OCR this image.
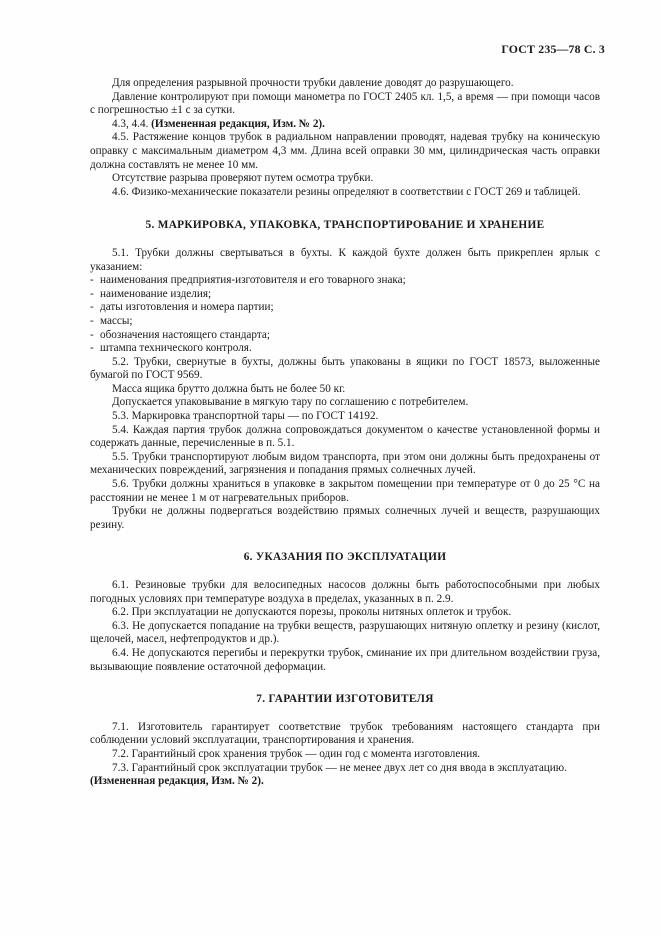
ГОСТ 235—78 С. 3

Для определения разрывной прочности трубки давление доводят до разрушающего.

Давление контролируют при помощи манометра по ГОСТ 2405 кл. 1,5, а время — при помощи часов с погрешностью ±1 с за сутки.

4.3, 4.4. (Измененная редакция, Изм. № 2).

4.5. Растяжение концов трубок в радиальном направлении проводят, надевая трубку на коническую оправку с максимальным диаметром 4,3 мм. Длина всей оправки 30 мм, цилиндрическая часть оправки должна составлять не менее 10 мм.

Отсутствие разрыва проверяют путем осмотра трубки.

4.6. Физико-механические показатели резины определяют в соответствии с ГОСТ 269 и таблицей.

5. МАРКИРОВКА, УПАКОВКА, ТРАНСПОРТИРОВАНИЕ И ХРАНЕНИЕ

5.1. Трубки должны свертываться в бухты. К каждой бухте должен быть прикреплен ярлык с указанием:

- наименования предприятия-изготовителя и его товарного знака;
- наименование изделия;
- даты изготовления и номера партии;
- массы;
- обозначения настоящего стандарта;
- штампа технического контроля.

5.2. Трубки, свернутые в бухты, должны быть упакованы в ящики по ГОСТ 18573, выложенные бумагой по ГОСТ 9569.

Масса ящика брутто должна быть не более 50 кг.

Допускается упаковывание в мягкую тару по соглашению с потребителем.

5.3. Маркировка транспортной тары — по ГОСТ 14192.

5.4. Каждая партия трубок должна сопровождаться документом о качестве установленной формы и содержать данные, перечисленные в п. 5.1.

5.5. Трубки транспортируют любым видом транспорта, при этом они должны быть предохранены от механических повреждений, загрязнения и попадания прямых солнечных лучей.

5.6. Трубки должны храниться в упаковке в закрытом помещении при температуре от 0 до 25 °С на расстоянии не менее 1 м от нагревательных приборов.

Трубки не должны подвергаться воздействию прямых солнечных лучей и веществ, разрушающих резину.

6. УКАЗАНИЯ ПО ЭКСПЛУАТАЦИИ

6.1. Резиновые трубки для велосипедных насосов должны быть работоспособными при любых погодных условиях при температуре воздуха в пределах, указанных в п. 2.9.

6.2. При эксплуатации не допускаются порезы, проколы нитяных оплеток и трубок.

6.3. Не допускается попадание на трубки веществ, разрушающих нитяную оплетку и резину (кислот, щелочей, масел, нефтепродуктов и др.).

6.4. Не допускаются перегибы и перекрутки трубок, сминание их при длительном воздействии груза, вызывающие появление остаточной деформации.

7. ГАРАНТИИ ИЗГОТОВИТЕЛЯ

7.1. Изготовитель гарантирует соответствие трубок требованиям настоящего стандарта при соблюдении условий эксплуатации, транспортирования и хранения.

7.2. Гарантийный срок хранения трубок — один год с момента изготовления.

7.3. Гарантийный срок эксплуатации трубок — не менее двух лет со дня ввода в эксплуатацию.

(Измененная редакция, Изм. № 2).
